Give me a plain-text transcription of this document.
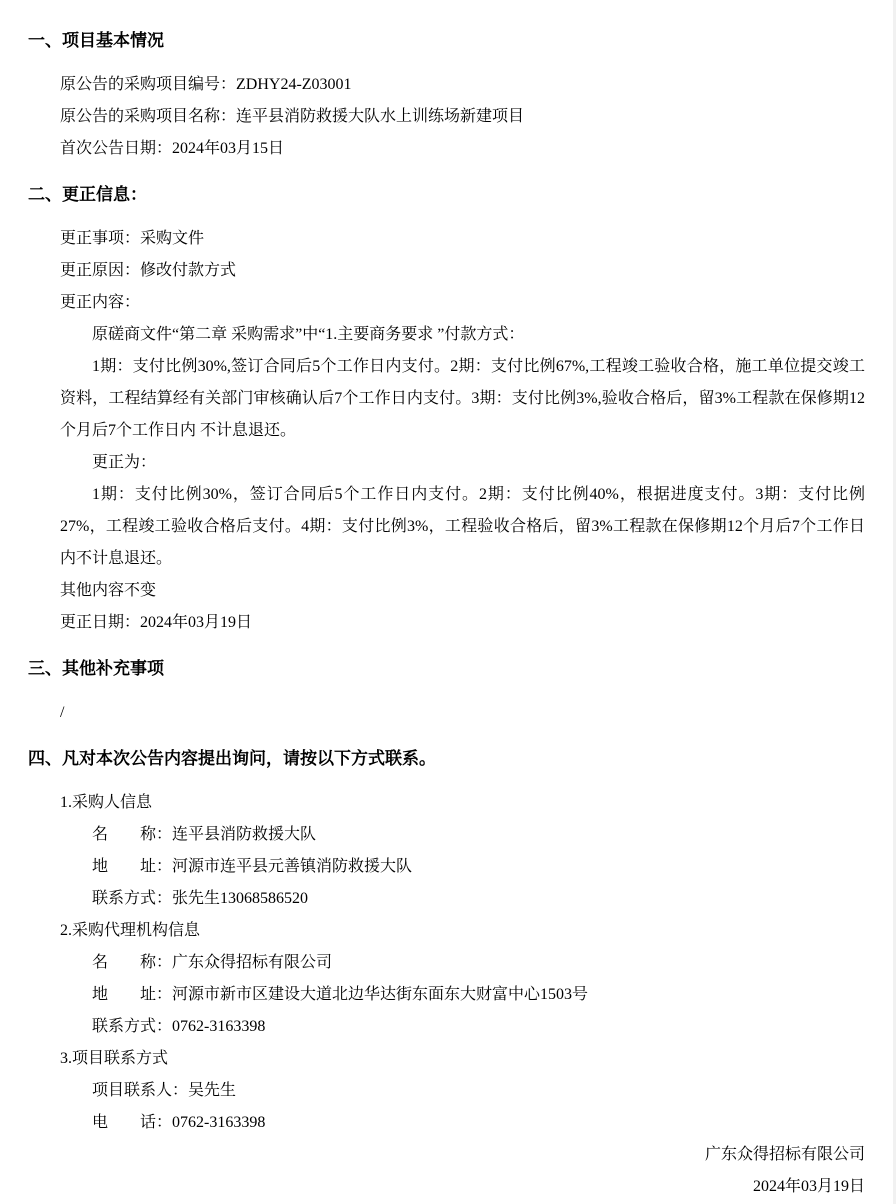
一、项目基本情况
原公告的采购项目编号：ZDHY24-Z03001
原公告的采购项目名称：连平县消防救援大队水上训练场新建项目
首次公告日期：2024年03月15日
二、更正信息：
更正事项：采购文件
更正原因：修改付款方式
更正内容：

原磋商文件“第二章 采购需求”中“1.主要商务要求 ”付款方式：

1期：支付比例30%,签订合同后5个工作日内支付。2期：支付比例67%,工程竣工验收合格，施工单位提交竣工资料，工程结算经有关部门审核确认后7个工作日内支付。3期：支付比例3%,验收合格后，留3%工程款在保修期12个月后7个工作日内 不计息退还。

更正为：

1期：支付比例30%，签订合同后5个工作日内支付。2期：支付比例40%，根据进度支付。3期：支付比例27%，工程竣工验收合格后支付。4期：支付比例3%，工程验收合格后，留3%工程款在保修期12个月后7个工作日内不计息退还。

其他内容不变
更正日期：2024年03月19日
三、其他补充事项
/
四、凡对本次公告内容提出询问，请按以下方式联系。
1.采购人信息
名　　称：连平县消防救援大队
地　　址：河源市连平县元善镇消防救援大队
联系方式：张先生13068586520
2.采购代理机构信息
名　　称：广东众得招标有限公司
地　　址：河源市新市区建设大道北边华达街东面东大财富中心1503号
联系方式：0762-3163398
3.项目联系方式
项目联系人：吴先生
电　　话：0762-3163398
广东众得招标有限公司
2024年03月19日
